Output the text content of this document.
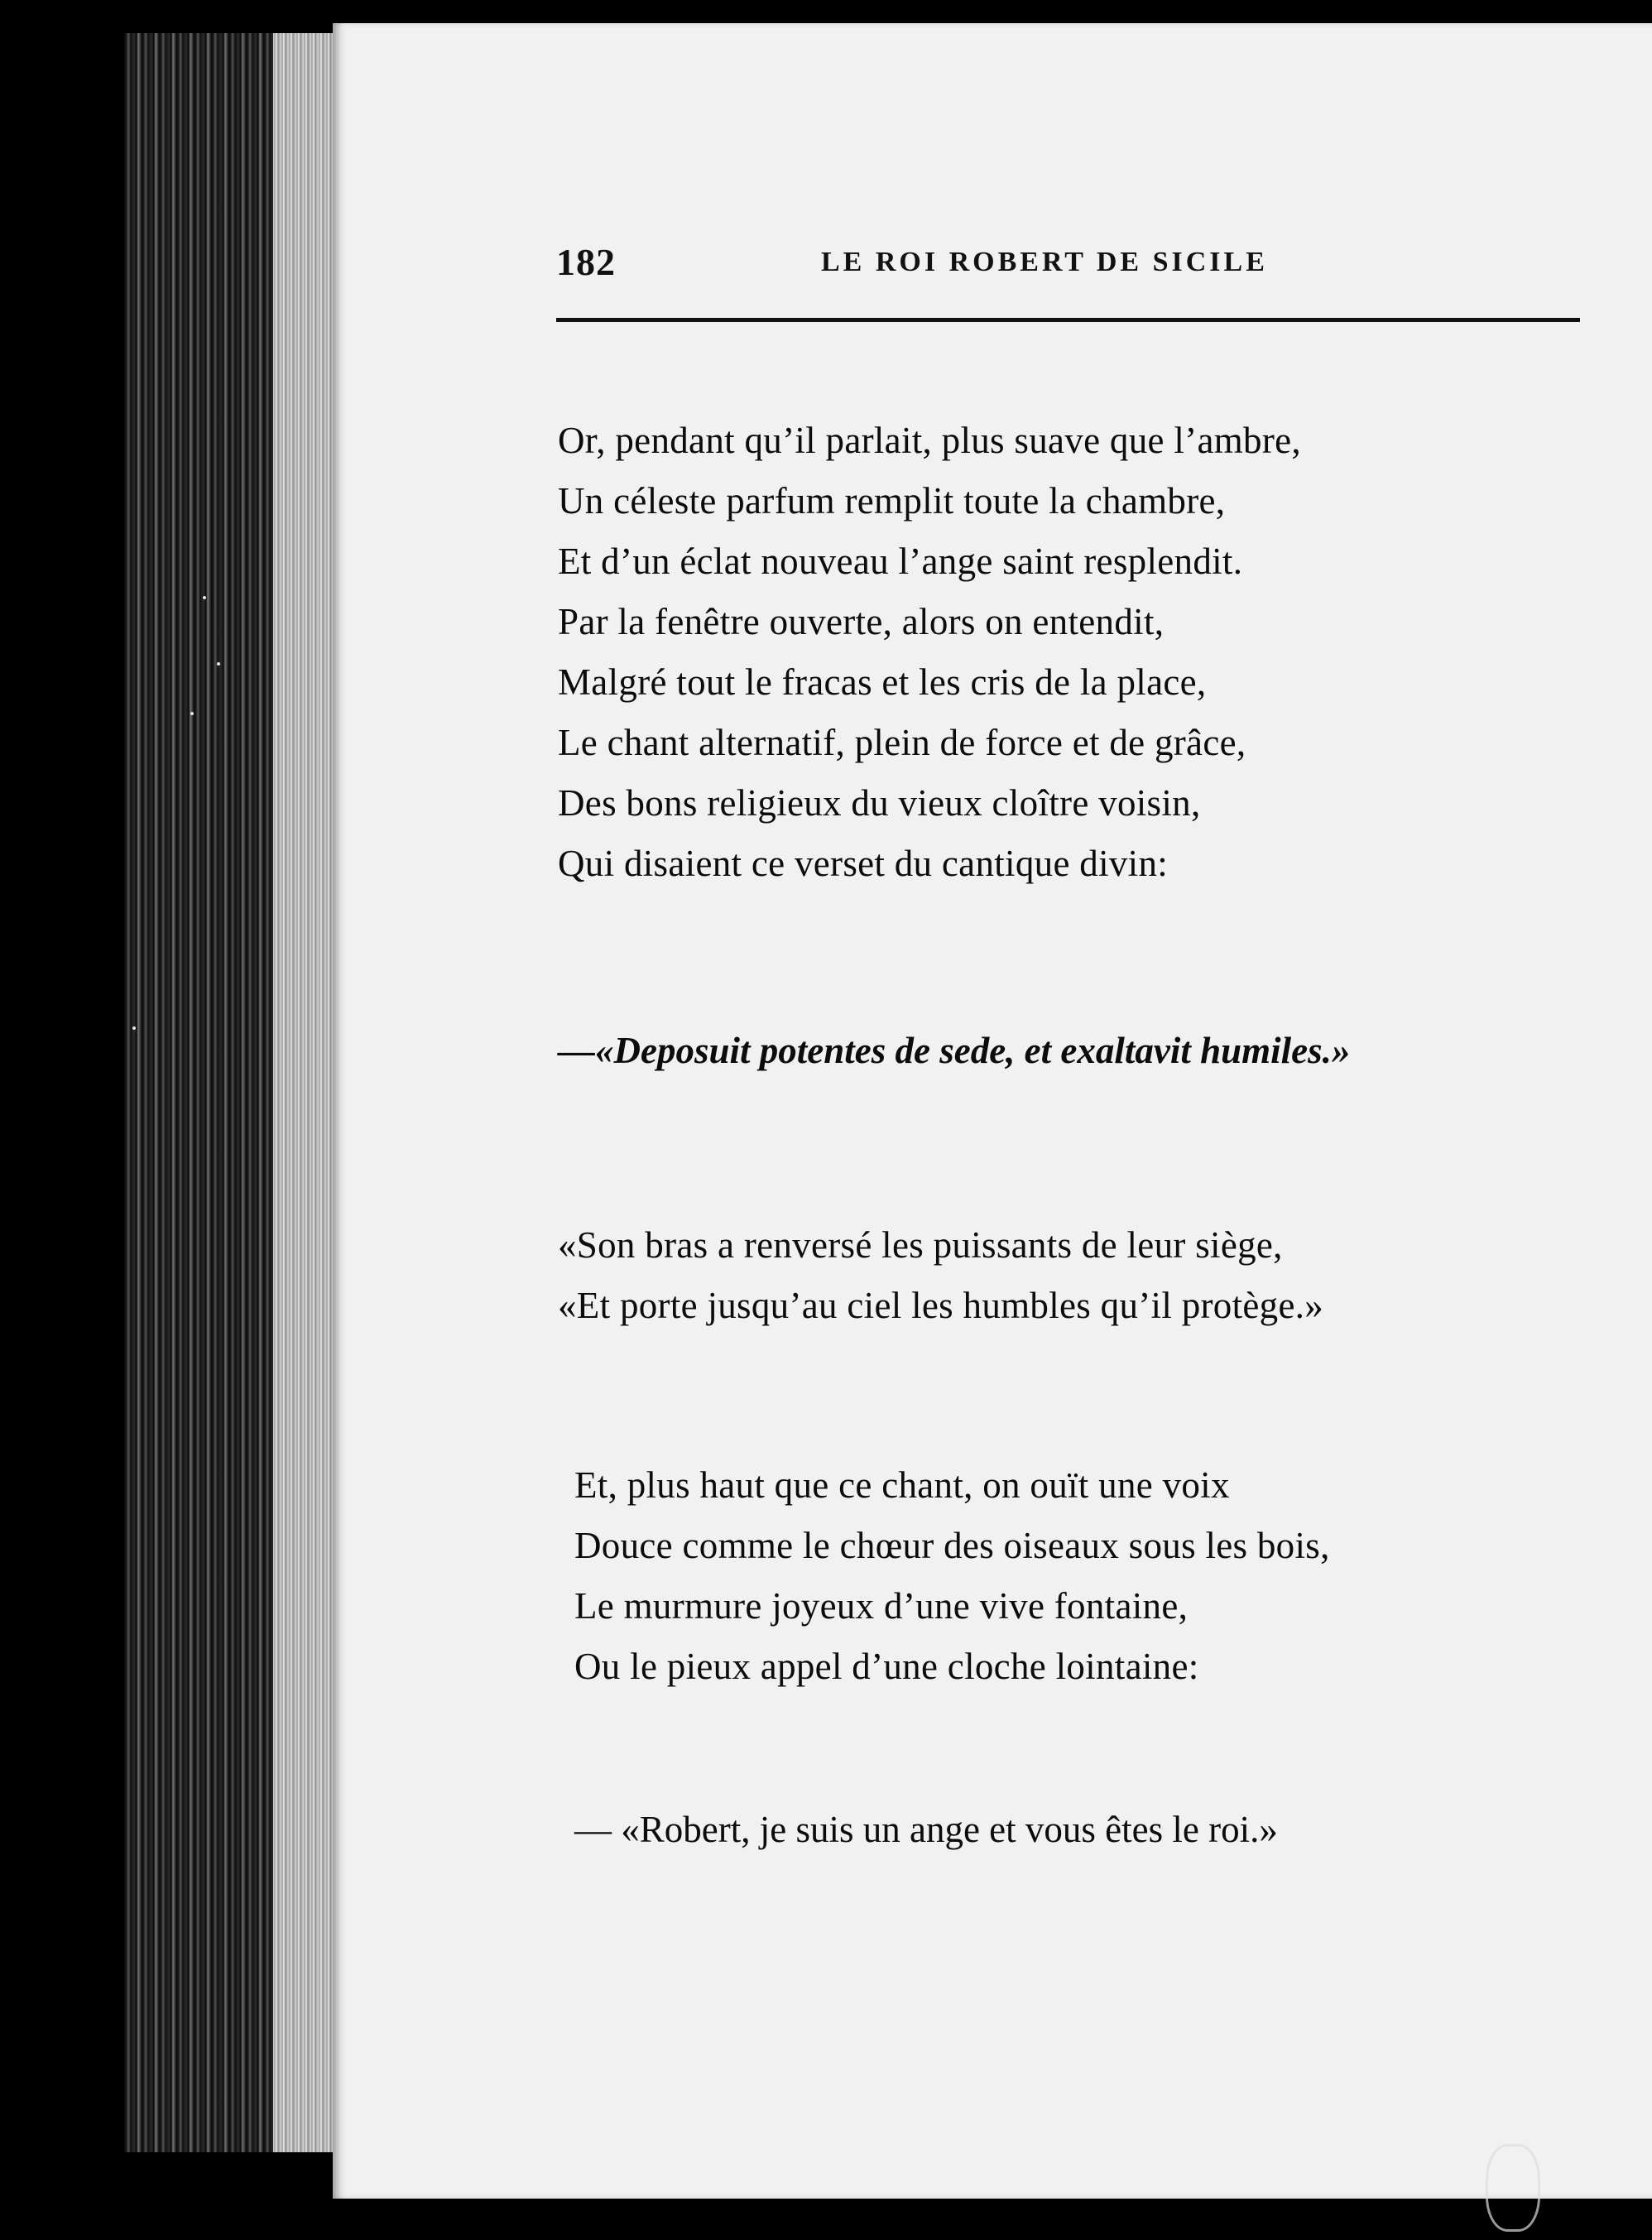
182	LE ROI ROBERT DE SICILE
Or, pendant qu’il parlait, plus suave que l’ambre,
Un céleste parfum remplit toute la chambre,
Et d’un éclat nouveau l’ange saint resplendit.
Par la fenêtre ouverte, alors on entendit,
Malgré tout le fracas et les cris de la place,
Le chant alternatif, plein de force et de grâce,
Des bons religieux du vieux cloître voisin,
Qui disaient ce verset du cantique divin:
—«Deposuit potentes de sede, et exaltavit humiles.»
«Son bras a renversé les puissants de leur siège,
«Et porte jusqu’au ciel les humbles qu’il protège.»
Et, plus haut que ce chant, on ouït une voix
Douce comme le chœur des oiseaux sous les bois,
Le murmure joyeux d’une vive fontaine,
Ou le pieux appel d’une cloche lointaine:
— «Robert, je suis un ange et vous êtes le roi.»
